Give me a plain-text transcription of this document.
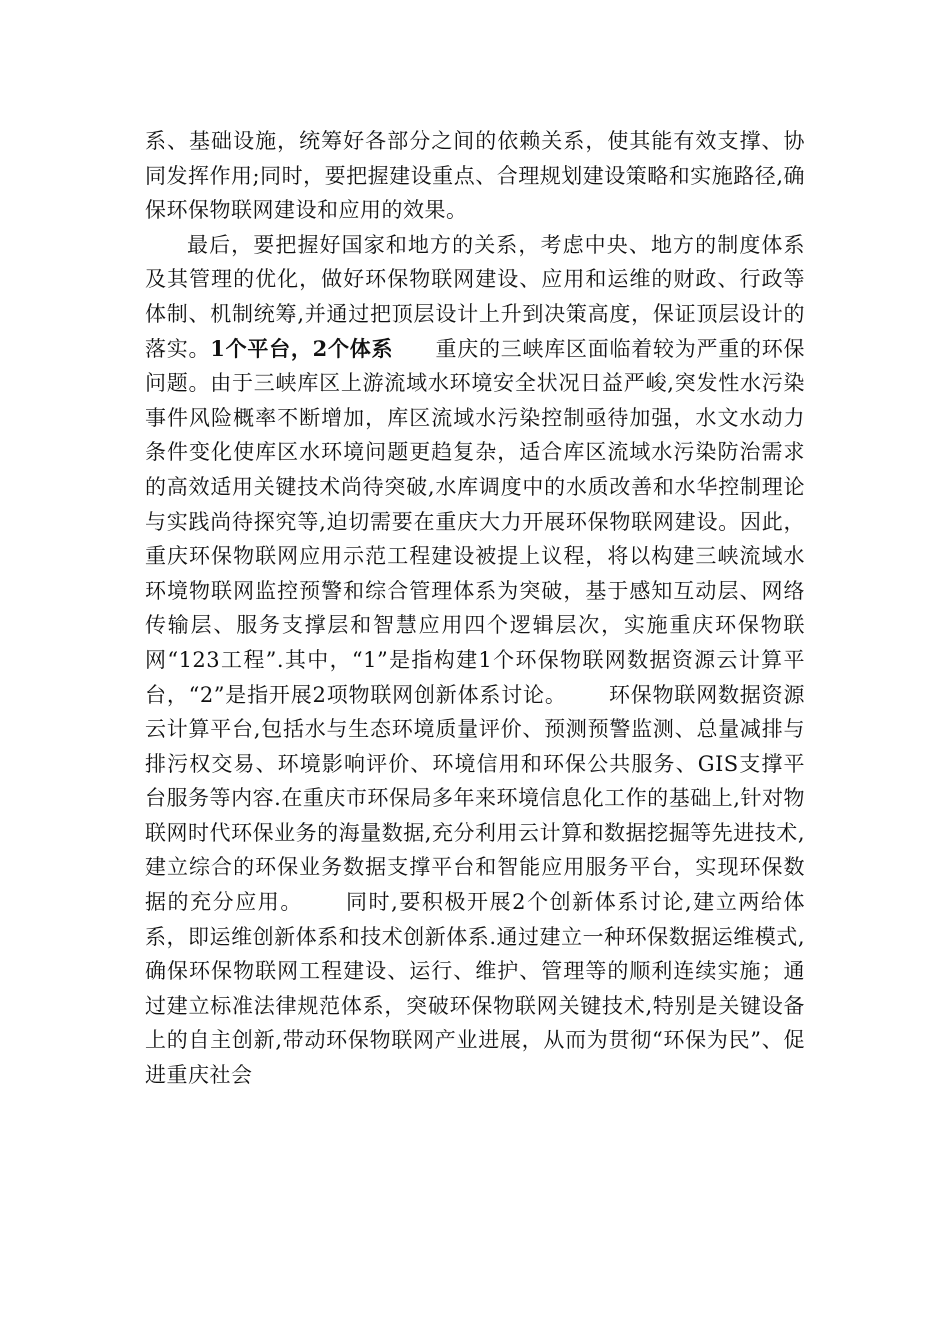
系、基础设施，统筹好各部分之间的依赖关系，使其能有效支撑、协同发挥作用;同时，要把握建设重点、合理规划建设策略和实施路径,确保环保物联网建设和应用的效果。

最后，要把握好国家和地方的关系，考虑中央、地方的制度体系及其管理的优化，做好环保物联网建设、应用和运维的财政、行政等体制、机制统筹,并通过把顶层设计上升到决策高度，保证顶层设计的落实。1个平台，2个体系 重庆的三峡库区面临着较为严重的环保问题。由于三峡库区上游流域水环境安全状况日益严峻,突发性水污染事件风险概率不断增加，库区流域水污染控制亟待加强，水文水动力条件变化使库区水环境问题更趋复杂，适合库区流域水污染防治需求的高效适用关键技术尚待突破,水库调度中的水质改善和水华控制理论与实践尚待探究等,迫切需要在重庆大力开展环保物联网建设。因此，重庆环保物联网应用示范工程建设被提上议程，将以构建三峡流域水环境物联网监控预警和综合管理体系为突破，基于感知互动层、网络传输层、服务支撑层和智慧应用四个逻辑层次，实施重庆环保物联网“123工程”.其中，“1”是指构建1个环保物联网数据资源云计算平台，“2”是指开展2项物联网创新体系讨论。 环保物联网数据资源云计算平台,包括水与生态环境质量评价、预测预警监测、总量减排与排污权交易、环境影响评价、环境信用和环保公共服务、GIS支撑平台服务等内容.在重庆市环保局多年来环境信息化工作的基础上,针对物联网时代环保业务的海量数据,充分利用云计算和数据挖掘等先进技术,建立综合的环保业务数据支撑平台和智能应用服务平台，实现环保数据的充分应用。 同时,要积极开展2个创新体系讨论,建立两给体系，即运维创新体系和技术创新体系.通过建立一种环保数据运维模式,确保环保物联网工程建设、运行、维护、管理等的顺利连续实施；通过建立标准法律规范体系，突破环保物联网关键技术,特别是关键设备上的自主创新,带动环保物联网产业进展，从而为贯彻“环保为民”、促进重庆社会
